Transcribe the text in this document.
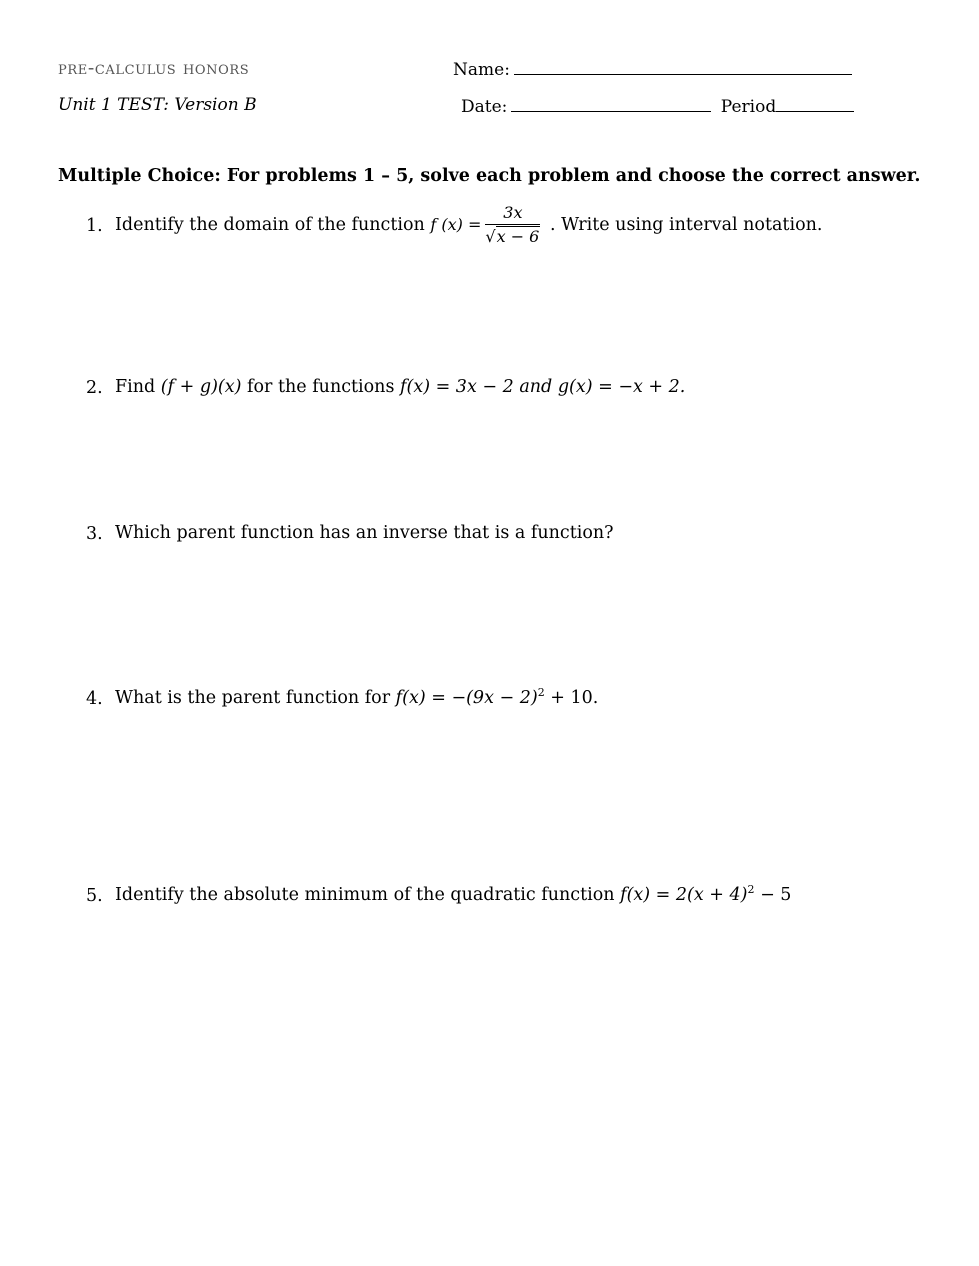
pre-calculus honors
Unit 1 TEST: Version B
Name:
Date:	Period
Multiple Choice: For problems 1 – 5, solve each problem and choose the correct answer.
1. Identify the domain of the function f $(x) = \frac{3x}{√x - 6}$ . Write using interval notation.
2. Find (f + g)(x) for the functions f(x) = 3x − 2 and g(x) = −x + 2.
3. Which parent function has an inverse that is a function?
4. What is the parent function for $f(x) = -(9x - 2)^2 + 10$.
5. Identify the absolute minimum of the quadratic function $f(x) = 2(x + 4)^2 - 5$
